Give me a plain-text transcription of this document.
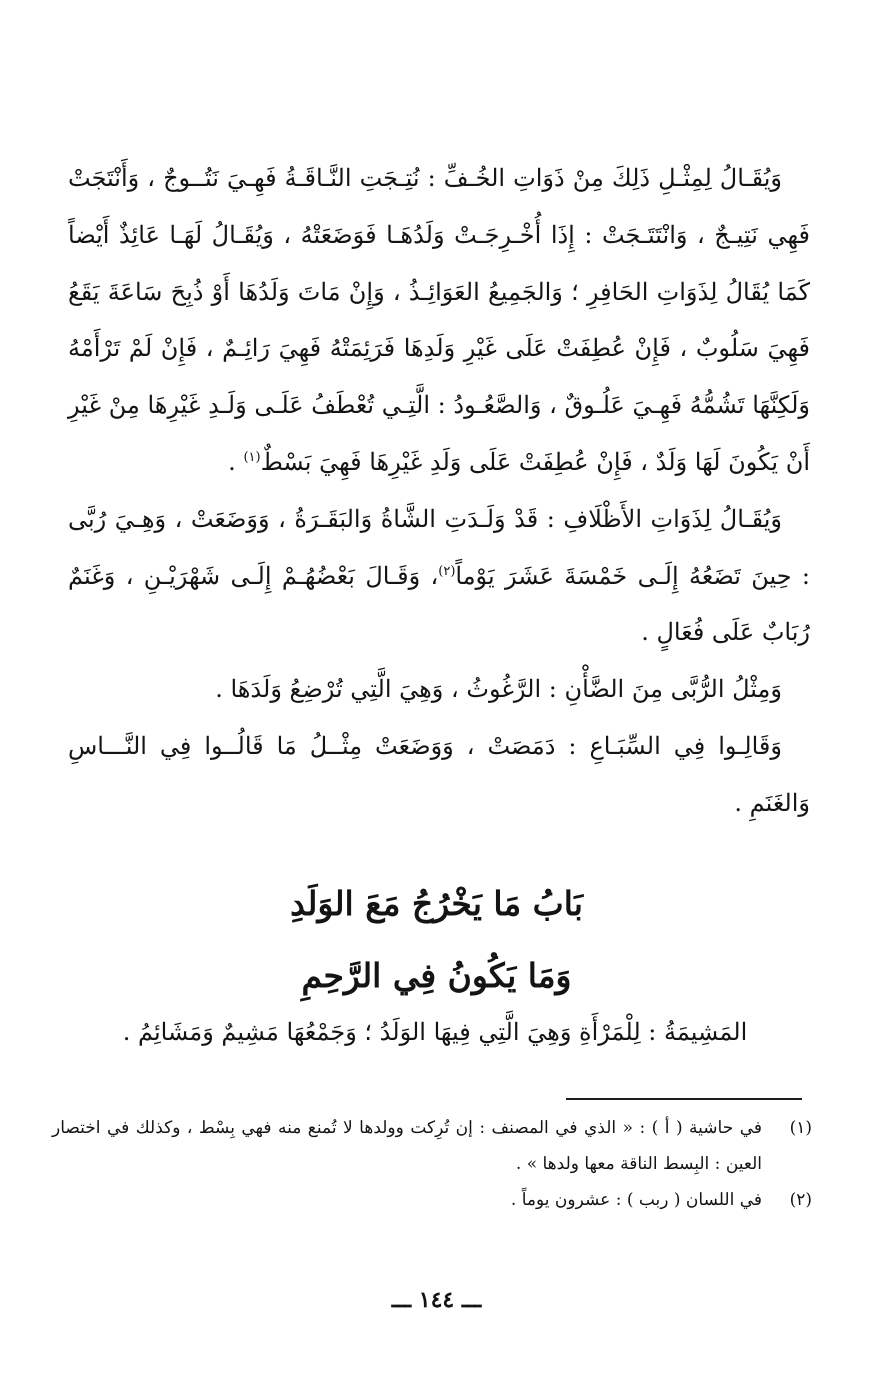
وَيُقَـالُ لِمِثْـلِ ذَلِكَ مِنْ ذَوَاتِ الخُـفِّ : نُتِـجَتِ النَّـاقَـةُ فَهِـيَ نَتُــوجٌ ، وَأَنْتَجَتْ فَهِي نَتِيـجٌ ، وَانْتَتَـجَتْ : إِذَا أُخْـرِجَـتْ وَلَدُهَـا فَوَضَعَتْهُ ، وَيُقَـالُ لَهَـا عَائِذٌ أَيْضاً كَمَا يُقَالُ لِذَوَاتِ الحَافِرِ ؛ وَالجَمِيعُ العَوَائِـذُ ، وَإِنْ مَاتَ وَلَدُهَا أَوْ ذُبِحَ سَاعَةَ يَقَعُ فَهِيَ سَلُوبٌ ، فَإِنْ عُطِفَتْ عَلَى غَيْرِ وَلَدِهَا فَرَئِمَتْهُ فَهِيَ رَائِـمٌ ، فَإِنْ لَمْ تَرْأَمْهُ وَلَكِنَّهَا تَشُمُّهُ فَهِـيَ عَلُـوقٌ ، وَالصَّعُـودُ : الَّتِـي تُعْطَفُ عَلَـى وَلَـدِ غَيْرِهَا مِنْ غَيْرِ أَنْ يَكُونَ لَهَا وَلَدٌ ، فَإِنْ عُطِفَتْ عَلَى وَلَدِ غَيْرِهَا فَهِيَ بَسْطٌ$^{(١)}$ .

وَيُقَـالُ لِذَوَاتِ الأَظْلَافِ : قَدْ وَلَـدَتِ الشَّاةُ وَالبَقَـرَةُ ، وَوَضَعَتْ ، وَهِـيَ رُبَّى : حِينَ تَضَعُهُ إِلَـى خَمْسَةَ عَشَرَ يَوْماً$^{(٢)}$، وَقَـالَ بَعْضُهُـمْ إِلَـى شَهْرَيْـنِ ، وَغَنَمٌ رُبَابٌ عَلَى فُعَالٍ .

وَمِثْلُ الرُّبَّى مِنَ الضَّأْنِ : الرَّغُوثُ ، وَهِيَ الَّتِي تُرْضِعُ وَلَدَهَا .

وَقَالِـوا فِي السِّبَـاعِ : دَمَصَتْ ، وَوَضَعَتْ مِثْــلُ مَا قَالُــوا فِي النَّـــاسِ وَالغَنَمِ .

بَابُ مَا يَخْرُجُ مَعَ الوَلَدِ
وَمَا يَكُونُ فِي الرَّحِمِ
المَشِيمَةُ : لِلْمَرْأَةِ وَهِيَ الَّتِي فِيهَا الوَلَدُ ؛ وَجَمْعُهَا مَشِيمٌ وَمَشَائِمُ .
(١)
في حاشية ( أ ) : « الذي في المصنف : إن تُرِكت وولدها لا تُمنع منه فهي بِسْط ، وكذلك في اختصار العين : البِسط الناقة معها ولدها » .
(٢)
في اللسان ( ربب ) : عشرون يوماً .
ـــ ١٤٤ ـــ
